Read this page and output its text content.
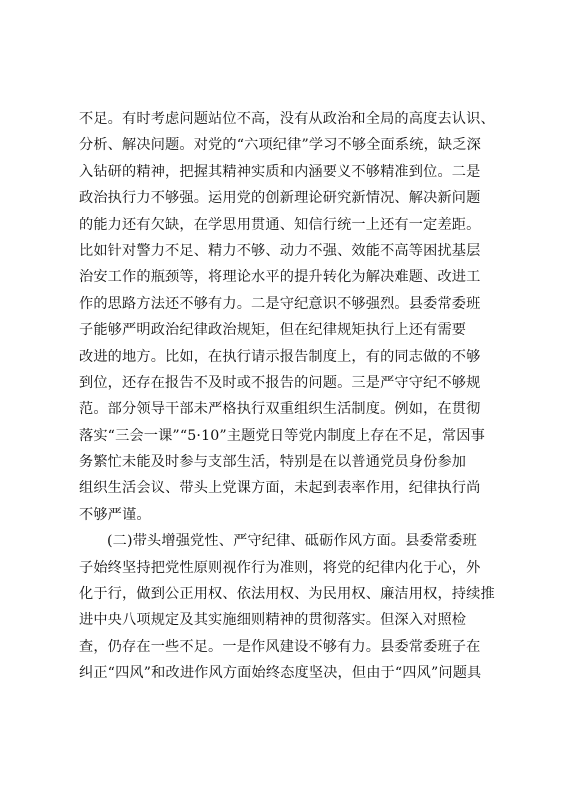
不足。有时考虑问题站位不高，没有从政治和全局的高度去认识、
分析、解决问题。对党的“六项纪律”学习不够全面系统，缺乏深
入钻研的精神，把握其精神实质和内涵要义不够精准到位。二是
政治执行力不够强。运用党的创新理论研究新情况、解决新问题
的能力还有欠缺，在学思用贯通、知信行统一上还有一定差距。
比如针对警力不足、精力不够、动力不强、效能不高等困扰基层
治安工作的瓶颈等，将理论水平的提升转化为解决难题、改进工
作的思路方法还不够有力。二是守纪意识不够强烈。县委常委班
子能够严明政治纪律政治规矩，但在纪律规矩执行上还有需要
改进的地方。比如，在执行请示报告制度上，有的同志做的不够
到位，还存在报告不及时或不报告的问题。三是严守守纪不够规
范。部分领导干部未严格执行双重组织生活制度。例如，在贯彻
落实“三会一课”“5·10”主题党日等党内制度上存在不足，常因事
务繁忙未能及时参与支部生活，特别是在以普通党员身份参加
组织生活会议、带头上党课方面，未起到表率作用，纪律执行尚
不够严谨。
(二)带头增强党性、严守纪律、砥砺作风方面。县委常委班
子始终坚持把党性原则视作行为准则，将党的纪律内化于心，外
化于行，做到公正用权、依法用权、为民用权、廉洁用权，持续推
进中央八项规定及其实施细则精神的贯彻落实。但深入对照检
查，仍存在一些不足。一是作风建设不够有力。县委常委班子在
纠正“四风”和改进作风方面始终态度坚决，但由于“四风”问题具
